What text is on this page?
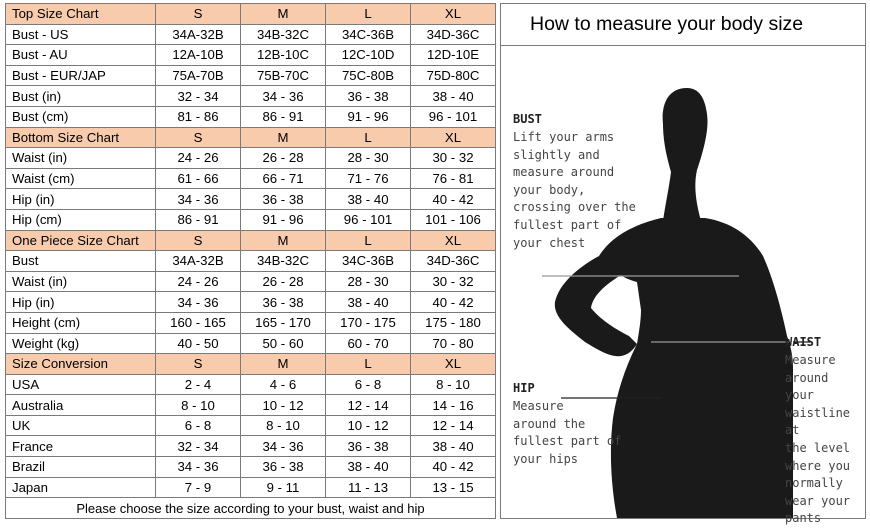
Top Size Chart	S	M	L	XL
Bust - US	34A-32B	34B-32C	34C-36B	34D-36C
Bust - AU	12A-10B	12B-10C	12C-10D	12D-10E
Bust - EUR/JAP	75A-70B	75B-70C	75C-80B	75D-80C
Bust (in)	32 - 34	34 - 36	36 - 38	38 - 40
Bust (cm)	81 - 86	86 - 91	91 - 96	96 - 101
Bottom Size Chart	S	M	L	XL
Waist (in)	24 - 26	26 - 28	28 - 30	30 - 32
Waist (cm)	61 - 66	66 - 71	71 - 76	76 - 81
Hip (in)	34 - 36	36 - 38	38 - 40	40 - 42
Hip (cm)	86 - 91	91 - 96	96 - 101	101 - 106
One Piece Size Chart	S	M	L	XL
Bust	34A-32B	34B-32C	34C-36B	34D-36C
Waist (in)	24 - 26	26 - 28	28 - 30	30 - 32
Hip (in)	34 - 36	36 - 38	38 - 40	40 - 42
Height (cm)	160 - 165	165 - 170	170 - 175	175 - 180
Weight (kg)	40 - 50	50 - 60	60 - 70	70 - 80
Size Conversion	S	M	L	XL
USA	2 - 4	4 - 6	6 - 8	8 - 10
Australia	8 - 10	10 - 12	12 - 14	14 - 16
UK	6 - 8	8 - 10	10 - 12	12 - 14
France	32 - 34	34 - 36	36 - 38	38 - 40
Brazil	34 - 36	36 - 38	38 - 40	40 - 42
Japan	7 - 9	9 - 11	11 - 13	13 - 15
Please choose the size according to your bust, waist and hip				
How to measure your body size
BUST
Lift your arms
slightly and
measure around
your body,
crossing over the
fullest part of
your chest
WAIST
Measure
around
your
waistline at
the level
where you
normally
wear your
pants
HIP
Measure
around the
fullest part of
your hips
